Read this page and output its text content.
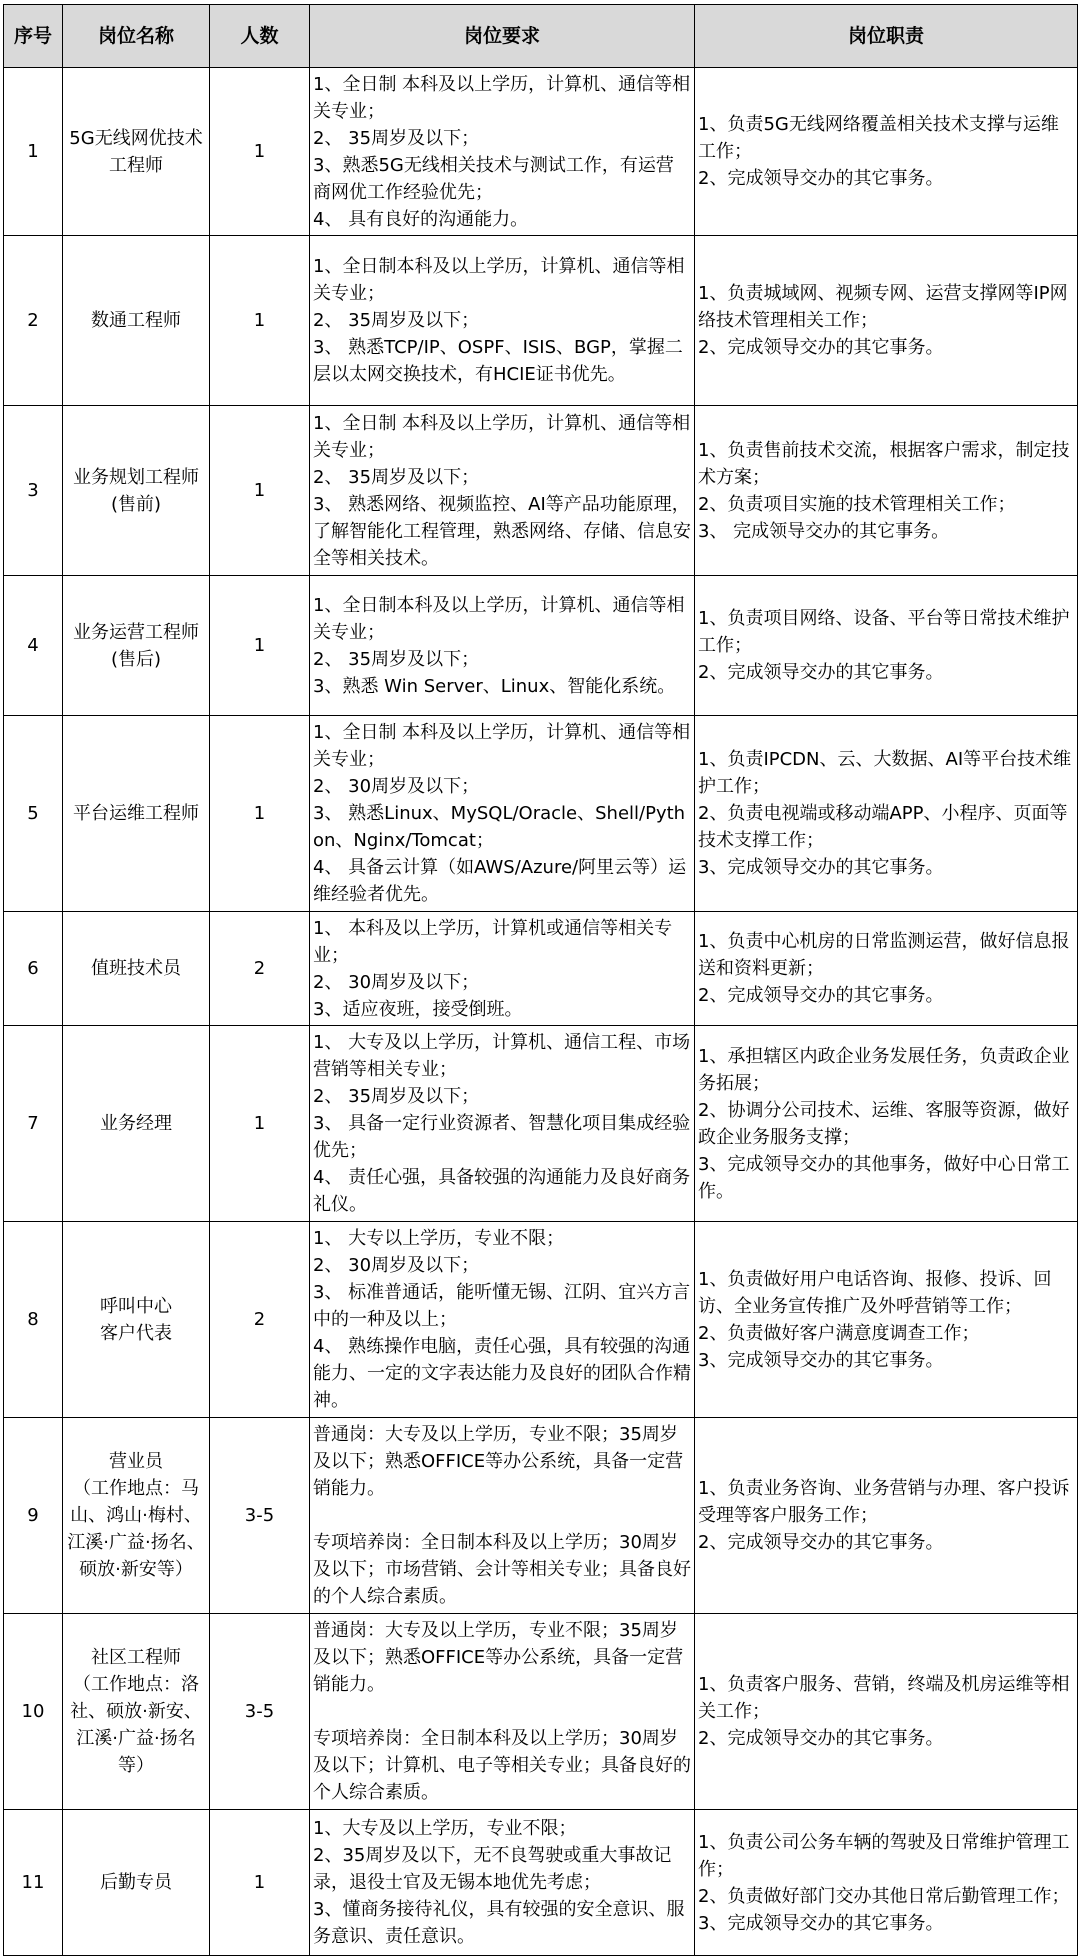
序号	岗位名称	人数	岗位要求	岗位职责
1	5G无线网优技术
工程师	1	1、全日制 本科及以上学历，计算机、通信等相关专业；
2、 35周岁及以下；
3、熟悉5G无线相关技术与测试工作，有运营商网优工作经验优先；
4、 具有良好的沟通能力。	1、负责5G无线网络覆盖相关技术支撑与运维工作；
2、完成领导交办的其它事务。

2	数通工程师	1	1、全日制本科及以上学历，计算机、通信等相关专业；
2、 35周岁及以下；
3、 熟悉TCP/IP、OSPF、ISIS、BGP，掌握二层以太网交换技术，有HCIE证书优先。	1、负责城域网、视频专网、运营支撑网等IP网络技术管理相关工作；
2、完成领导交办的其它事务。

3	业务规划工程师
(售前)	1	1、全日制 本科及以上学历，计算机、通信等相关专业；
2、 35周岁及以下；
3、 熟悉网络、视频监控、AI等产品功能原理，了解智能化工程管理，熟悉网络、存储、信息安全等相关技术。	1、负责售前技术交流，根据客户需求，制定技术方案；
2、负责项目实施的技术管理相关工作；
3、 完成领导交办的其它事务。

4	业务运营工程师
(售后)	1	1、全日制本科及以上学历，计算机、通信等相关专业；
2、 35周岁及以下；
3、熟悉 Win Server、Linux、智能化系统。	1、负责项目网络、设备、平台等日常技术维护工作；
2、完成领导交办的其它事务。

5	平台运维工程师	1	1、全日制 本科及以上学历，计算机、通信等相关专业；
2、 30周岁及以下；
3、 熟悉Linux、MySQL/Oracle、Shell/Python、Nginx/Tomcat；
4、 具备云计算（如AWS/Azure/阿里云等）运维经验者优先。	1、负责IPCDN、云、大数据、AI等平台技术维护工作；
2、负责电视端或移动端APP、小程序、页面等技术支撑工作；
3、完成领导交办的其它事务。

6	值班技术员	2	1、 本科及以上学历，计算机或通信等相关专业；
2、 30周岁及以下；
3、适应夜班，接受倒班。	1、负责中心机房的日常监测运营，做好信息报送和资料更新；
2、完成领导交办的其它事务。

7	业务经理	1	1、 大专及以上学历，计算机、通信工程、市场营销等相关专业；
2、 35周岁及以下；
3、 具备一定行业资源者、智慧化项目集成经验优先；
4、 责任心强，具备较强的沟通能力及良好商务礼仪。	1、承担辖区内政企业务发展任务，负责政企业务拓展；
2、协调分公司技术、运维、客服等资源，做好政企业务服务支撑；
3、完成领导交办的其他事务，做好中心日常工作。

8	呼叫中心
客户代表	2	1、 大专以上学历，专业不限；
2、 30周岁及以下；
3、 标准普通话，能听懂无锡、江阴、宜兴方言中的一种及以上；
4、 熟练操作电脑，责任心强，具有较强的沟通能力、一定的文字表达能力及良好的团队合作精神。	1、负责做好用户电话咨询、报修、投诉、回访、全业务宣传推广及外呼营销等工作；
2、负责做好客户满意度调查工作；
3、完成领导交办的其它事务。

9	营业员
（工作地点：马山、鸿山·梅村、江溪·广益·扬名、硕放·新安等）	3-5	普通岗：大专及以上学历，专业不限；35周岁及以下；熟悉OFFICE等办公系统，具备一定营销能力。

专项培养岗：全日制本科及以上学历；30周岁及以下；市场营销、会计等相关专业；具备良好的个人综合素质。	1、负责业务咨询、业务营销与办理、客户投诉受理等客户服务工作；
2、完成领导交办的其它事务。

10	社区工程师
（工作地点：洛社、硕放·新安、江溪·广益·扬名等）	3-5	普通岗：大专及以上学历，专业不限；35周岁及以下；熟悉OFFICE等办公系统，具备一定营销能力。

专项培养岗：全日制本科及以上学历；30周岁及以下；计算机、电子等相关专业；具备良好的个人综合素质。	1、负责客户服务、营销，终端及机房运维等相关工作；
2、完成领导交办的其它事务。

11	后勤专员	1	1、大专及以上学历，专业不限；
2、35周岁及以下，无不良驾驶或重大事故记录，退役士官及无锡本地优先考虑；
3、懂商务接待礼仪，具有较强的安全意识、服务意识、责任意识。	1、负责公司公务车辆的驾驶及日常维护管理工作；
2、负责做好部门交办其他日常后勤管理工作；
3、完成领导交办的其它事务。
